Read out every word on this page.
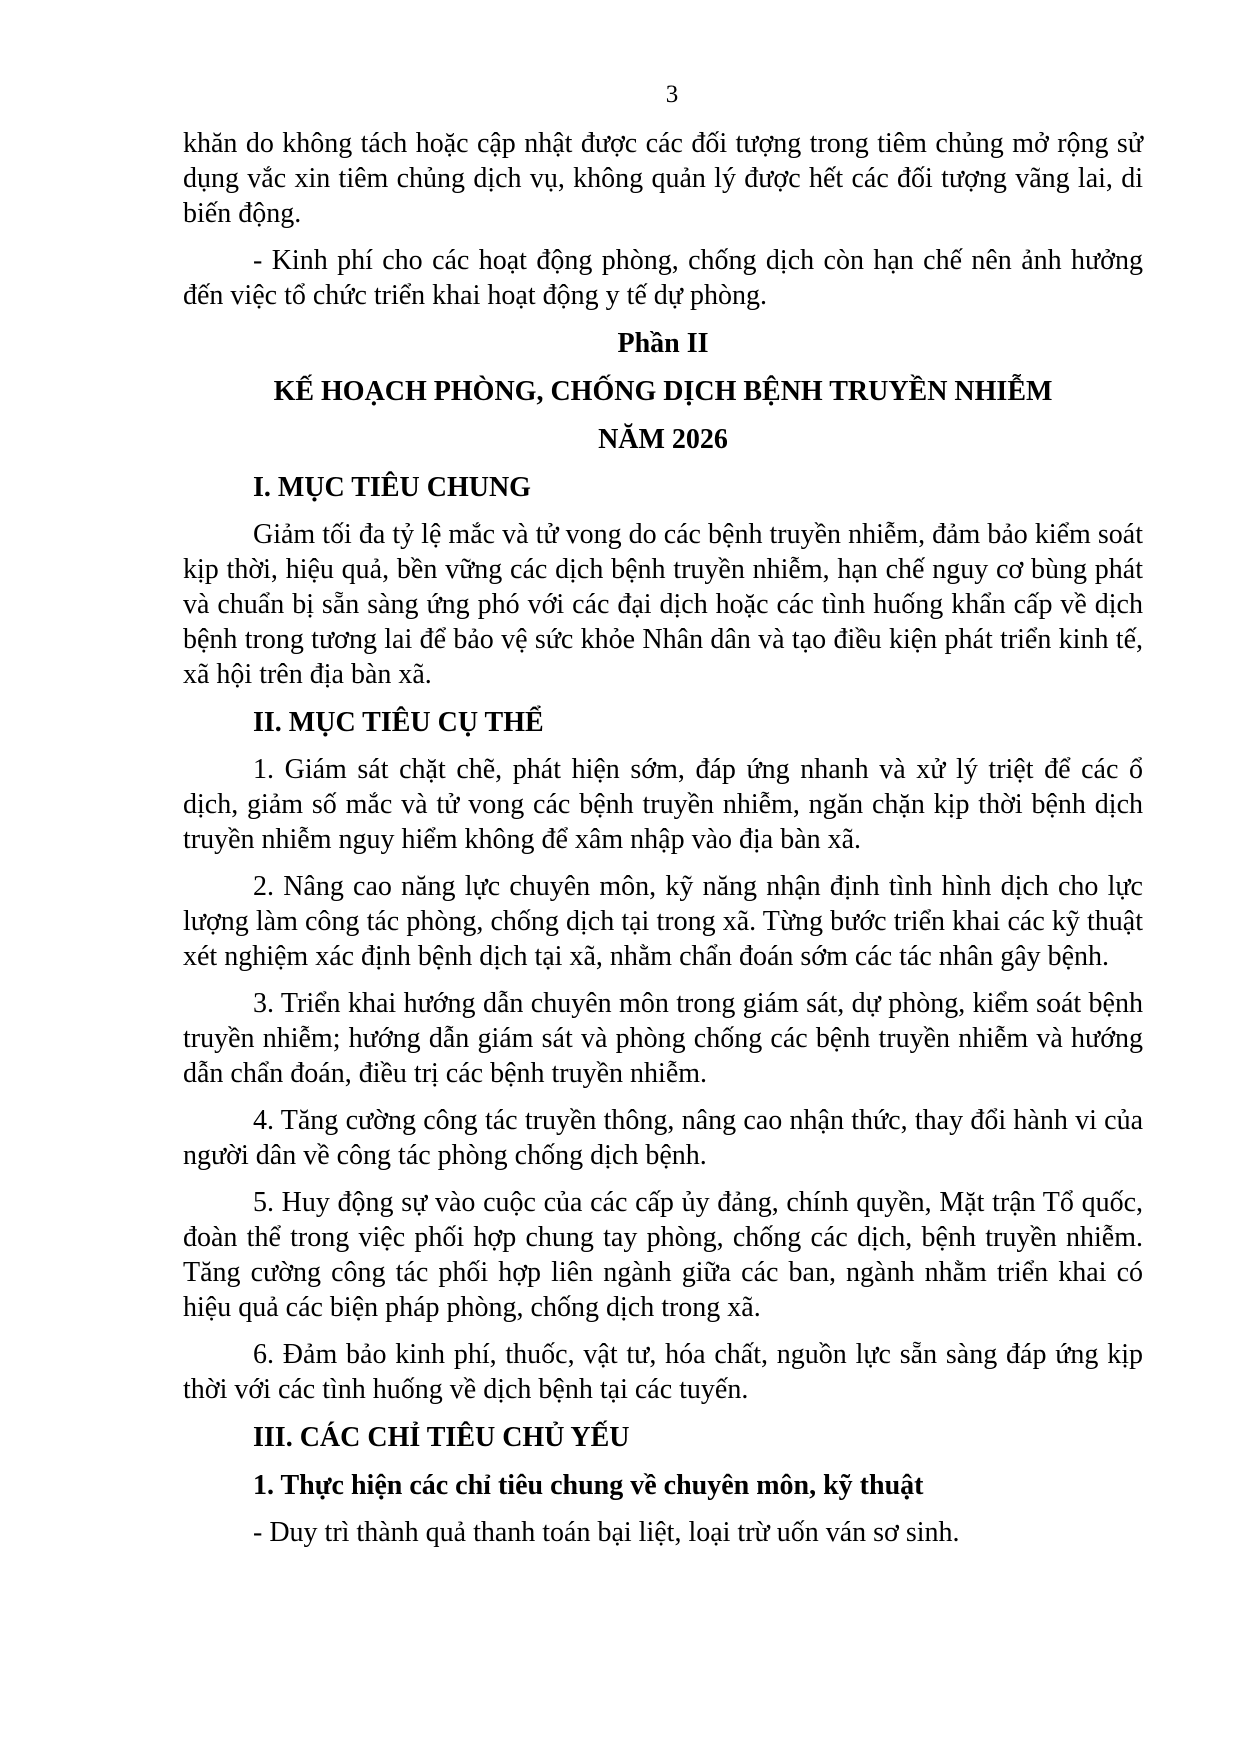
3

khăn do không tách hoặc cập nhật được các đối tượng trong tiêm chủng mở rộng sử dụng vắc xin tiêm chủng dịch vụ, không quản lý được hết các đối tượng vãng lai, di biến động.

- Kinh phí cho các hoạt động phòng, chống dịch còn hạn chế nên ảnh hưởng đến việc tổ chức triển khai hoạt động y tế dự phòng.

Phần II

KẾ HOẠCH PHÒNG, CHỐNG DỊCH BỆNH TRUYỀN NHIỄM

NĂM 2026

I. MỤC TIÊU CHUNG

Giảm tối đa tỷ lệ mắc và tử vong do các bệnh truyền nhiễm, đảm bảo kiểm soát kịp thời, hiệu quả, bền vững các dịch bệnh truyền nhiễm, hạn chế nguy cơ bùng phát và chuẩn bị sẵn sàng ứng phó với các đại dịch hoặc các tình huống khẩn cấp về dịch bệnh trong tương lai để bảo vệ sức khỏe Nhân dân và tạo điều kiện phát triển kinh tế, xã hội trên địa bàn xã.

II. MỤC TIÊU CỤ THỂ

1. Giám sát chặt chẽ, phát hiện sớm, đáp ứng nhanh và xử lý triệt để các ổ dịch, giảm số mắc và tử vong các bệnh truyền nhiễm, ngăn chặn kịp thời bệnh dịch truyền nhiễm nguy hiểm không để xâm nhập vào địa bàn xã.

2. Nâng cao năng lực chuyên môn, kỹ năng nhận định tình hình dịch cho lực lượng làm công tác phòng, chống dịch tại trong xã. Từng bước triển khai các kỹ thuật xét nghiệm xác định bệnh dịch tại xã, nhằm chẩn đoán sớm các tác nhân gây bệnh.

3. Triển khai hướng dẫn chuyên môn trong giám sát, dự phòng, kiểm soát bệnh truyền nhiễm; hướng dẫn giám sát và phòng chống các bệnh truyền nhiễm và hướng dẫn chẩn đoán, điều trị các bệnh truyền nhiễm.

4. Tăng cường công tác truyền thông, nâng cao nhận thức, thay đổi hành vi của người dân về công tác phòng chống dịch bệnh.

5. Huy động sự vào cuộc của các cấp ủy đảng, chính quyền, Mặt trận Tổ quốc, đoàn thể trong việc phối hợp chung tay phòng, chống các dịch, bệnh truyền nhiễm. Tăng cường công tác phối hợp liên ngành giữa các ban, ngành nhằm triển khai có hiệu quả các biện pháp phòng, chống dịch trong xã.

6. Đảm bảo kinh phí, thuốc, vật tư, hóa chất, nguồn lực sẵn sàng đáp ứng kịp thời với các tình huống về dịch bệnh tại các tuyến.

III. CÁC CHỈ TIÊU CHỦ YẾU

1. Thực hiện các chỉ tiêu chung về chuyên môn, kỹ thuật

- Duy trì thành quả thanh toán bại liệt, loại trừ uốn ván sơ sinh.
